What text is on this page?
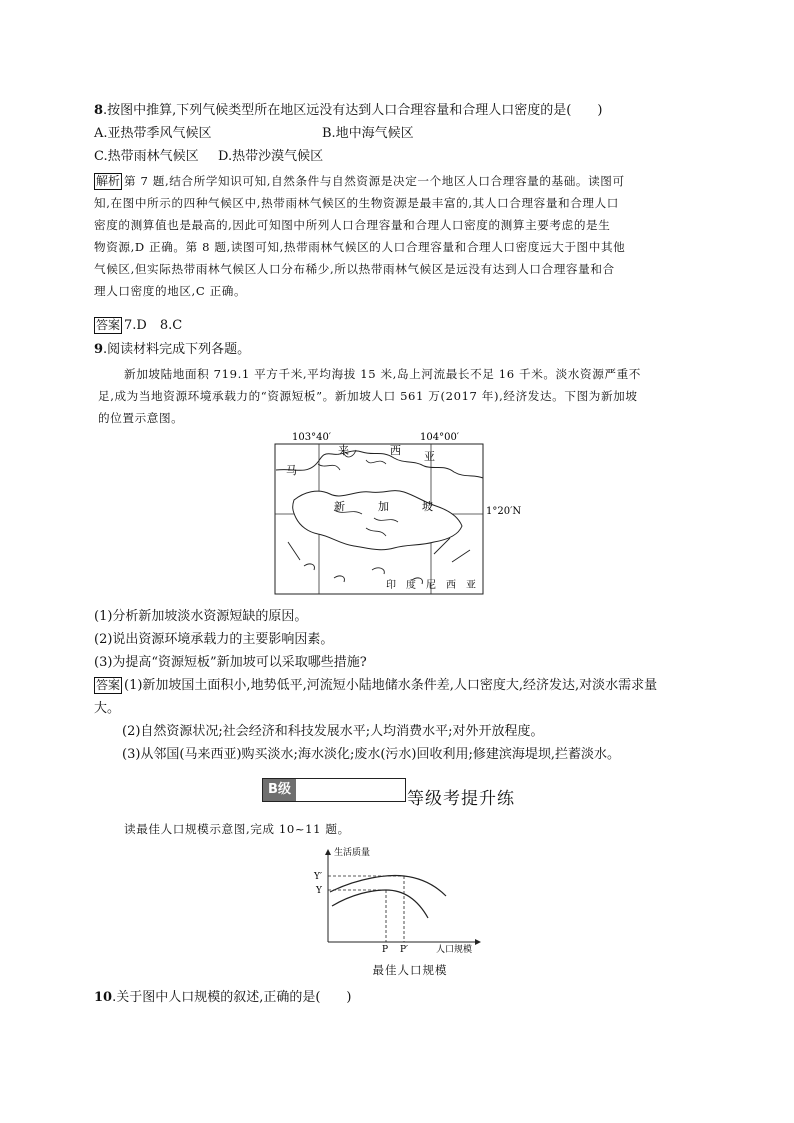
8.按图中推算,下列气候类型所在地区远没有达到人口合理容量和合理人口密度的是(　　)
A.亚热带季风气候区	B.地中海气候区
C.热带雨林气候区 D.热带沙漠气候区
解析 第 7 题,结合所学知识可知,自然条件与自然资源是决定一个地区人口合理容量的基础。读图可
知,在图中所示的四种气候区中,热带雨林气候区的生物资源是最丰富的,其人口合理容量和合理人口
密度的测算值也是最高的,因此可知图中所列人口合理容量和合理人口密度的测算主要考虑的是生
物资源,D 正确。第 8 题,读图可知,热带雨林气候区的人口合理容量和合理人口密度远大于图中其他
气候区,但实际热带雨林气候区人口分布稀少,所以热带雨林气候区是远没有达到人口合理容量和合
理人口密度的地区,C 正确。
答案 7.D　8.C
9.阅读材料完成下列各题。
新加坡陆地面积 719.1 平方千米,平均海拔 15 米,岛上河流最长不足 16 千米。淡水资源严重不
足,成为当地资源环境承载力的“资源短板”。新加坡人口 561 万(2017 年),经济发达。下图为新加坡
的位置示意图。
103°40′	104°00′
1°20′N
马
来	西 亚
新	加	坡
印　度　尼　西　亚
(1)分析新加坡淡水资源短缺的原因。
(2)说出资源环境承载力的主要影响因素。
(3)为提高“资源短板”新加坡可以采取哪些措施?
答案 (1)新加坡国土面积小,地势低平,河流短小陆地储水条件差,人口密度大,经济发达,对淡水需求量
大。
(2)自然资源状况;社会经济和科技发展水平;人均消费水平;对外开放程度。
(3)从邻国(马来西亚)购买淡水;海水淡化;废水(污水)回收利用;修建滨海堤坝,拦蓄淡水。
B级	等级考提升练
读最佳人口规模示意图,完成 10~11 题。
生活质量
人口规模
Y′
Y
P P′
最佳人口规模
10.关于图中人口规模的叙述,正确的是(　　)
